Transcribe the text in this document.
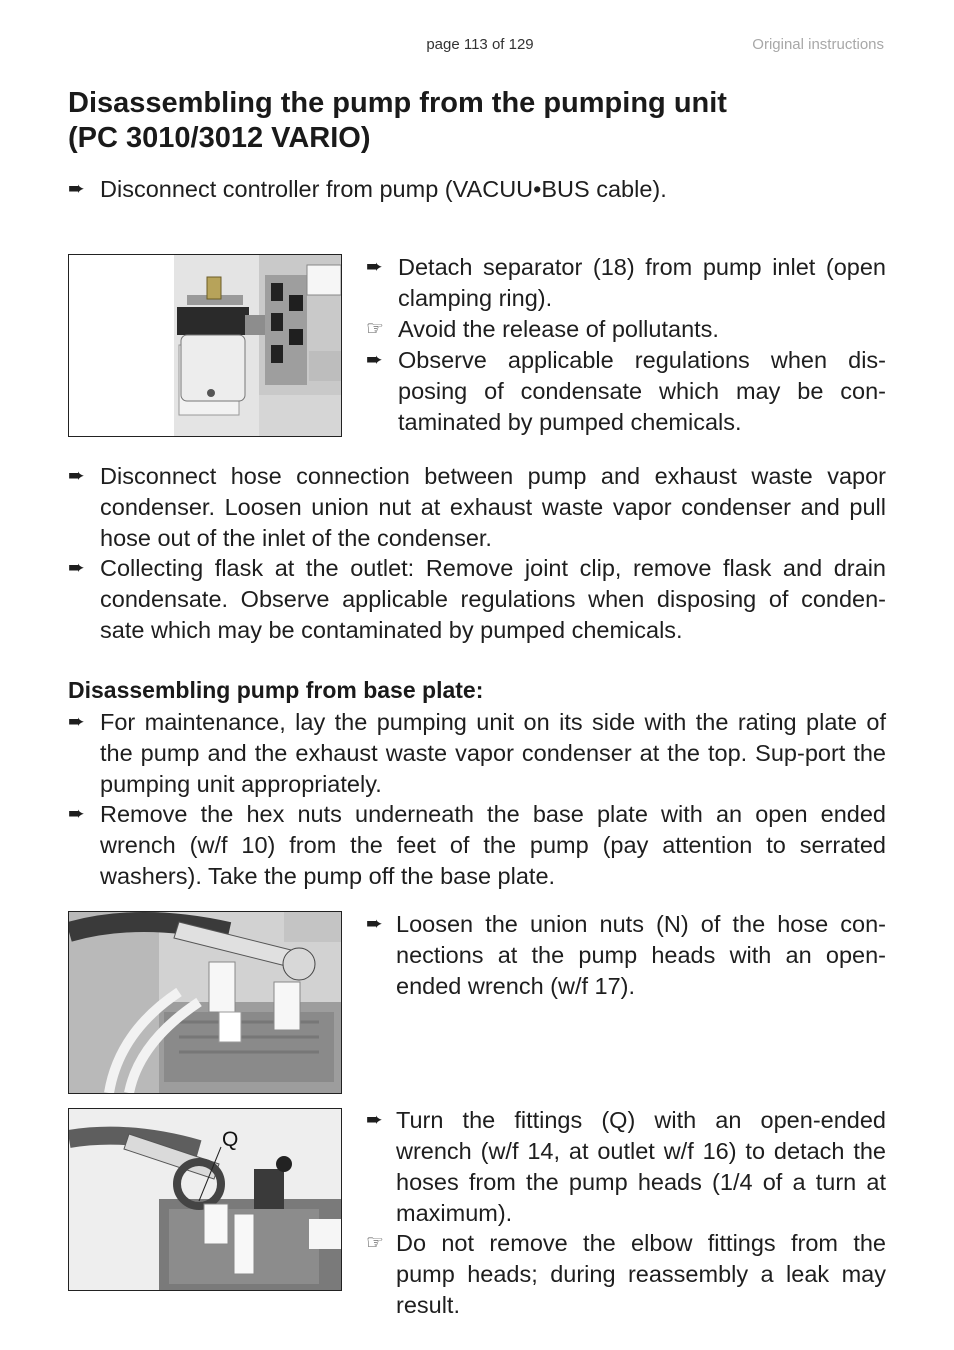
page 113 of 129	Original instructions
Disassembling the pump from the pumping unit
(PC 3010/3012 VARIO)
➨ Disconnect controller from pump (VACUU•BUS cable).
➨ Detach separator (18) from pump inlet (open clamping ring).
☞ Avoid the release of pollutants.
➨ Observe applicable regulations when dis-posing of condensate which may be con-taminated by pumped chemicals.
➨ Disconnect hose connection between pump and exhaust waste vapor condenser. Loosen union nut at exhaust waste vapor condenser and pull hose out of the inlet of the condenser.
➨ Collecting flask at the outlet: Remove joint clip, remove flask and drain condensate. Observe applicable regulations when disposing of conden-sate which may be contaminated by pumped chemicals.
Disassembling pump from base plate:
➨ For maintenance, lay the pumping unit on its side with the rating plate of the pump and the exhaust waste vapor condenser at the top. Sup-port the pumping unit appropriately.
➨ Remove the hex nuts underneath the base plate with an open ended wrench (w/f 10) from the feet of the pump (pay attention to serrated washers). Take the pump off the base plate.
➨ Loosen the union nuts (N) of the hose con-nections at the pump heads with an open-ended wrench (w/f 17).
Q
➨ Turn the fittings (Q) with an open-ended wrench (w/f 14, at outlet w/f 16) to detach the hoses from the pump heads (1/4 of a turn at maximum).
☞ Do not remove the elbow fittings from the pump heads; during reassembly a leak may result.
